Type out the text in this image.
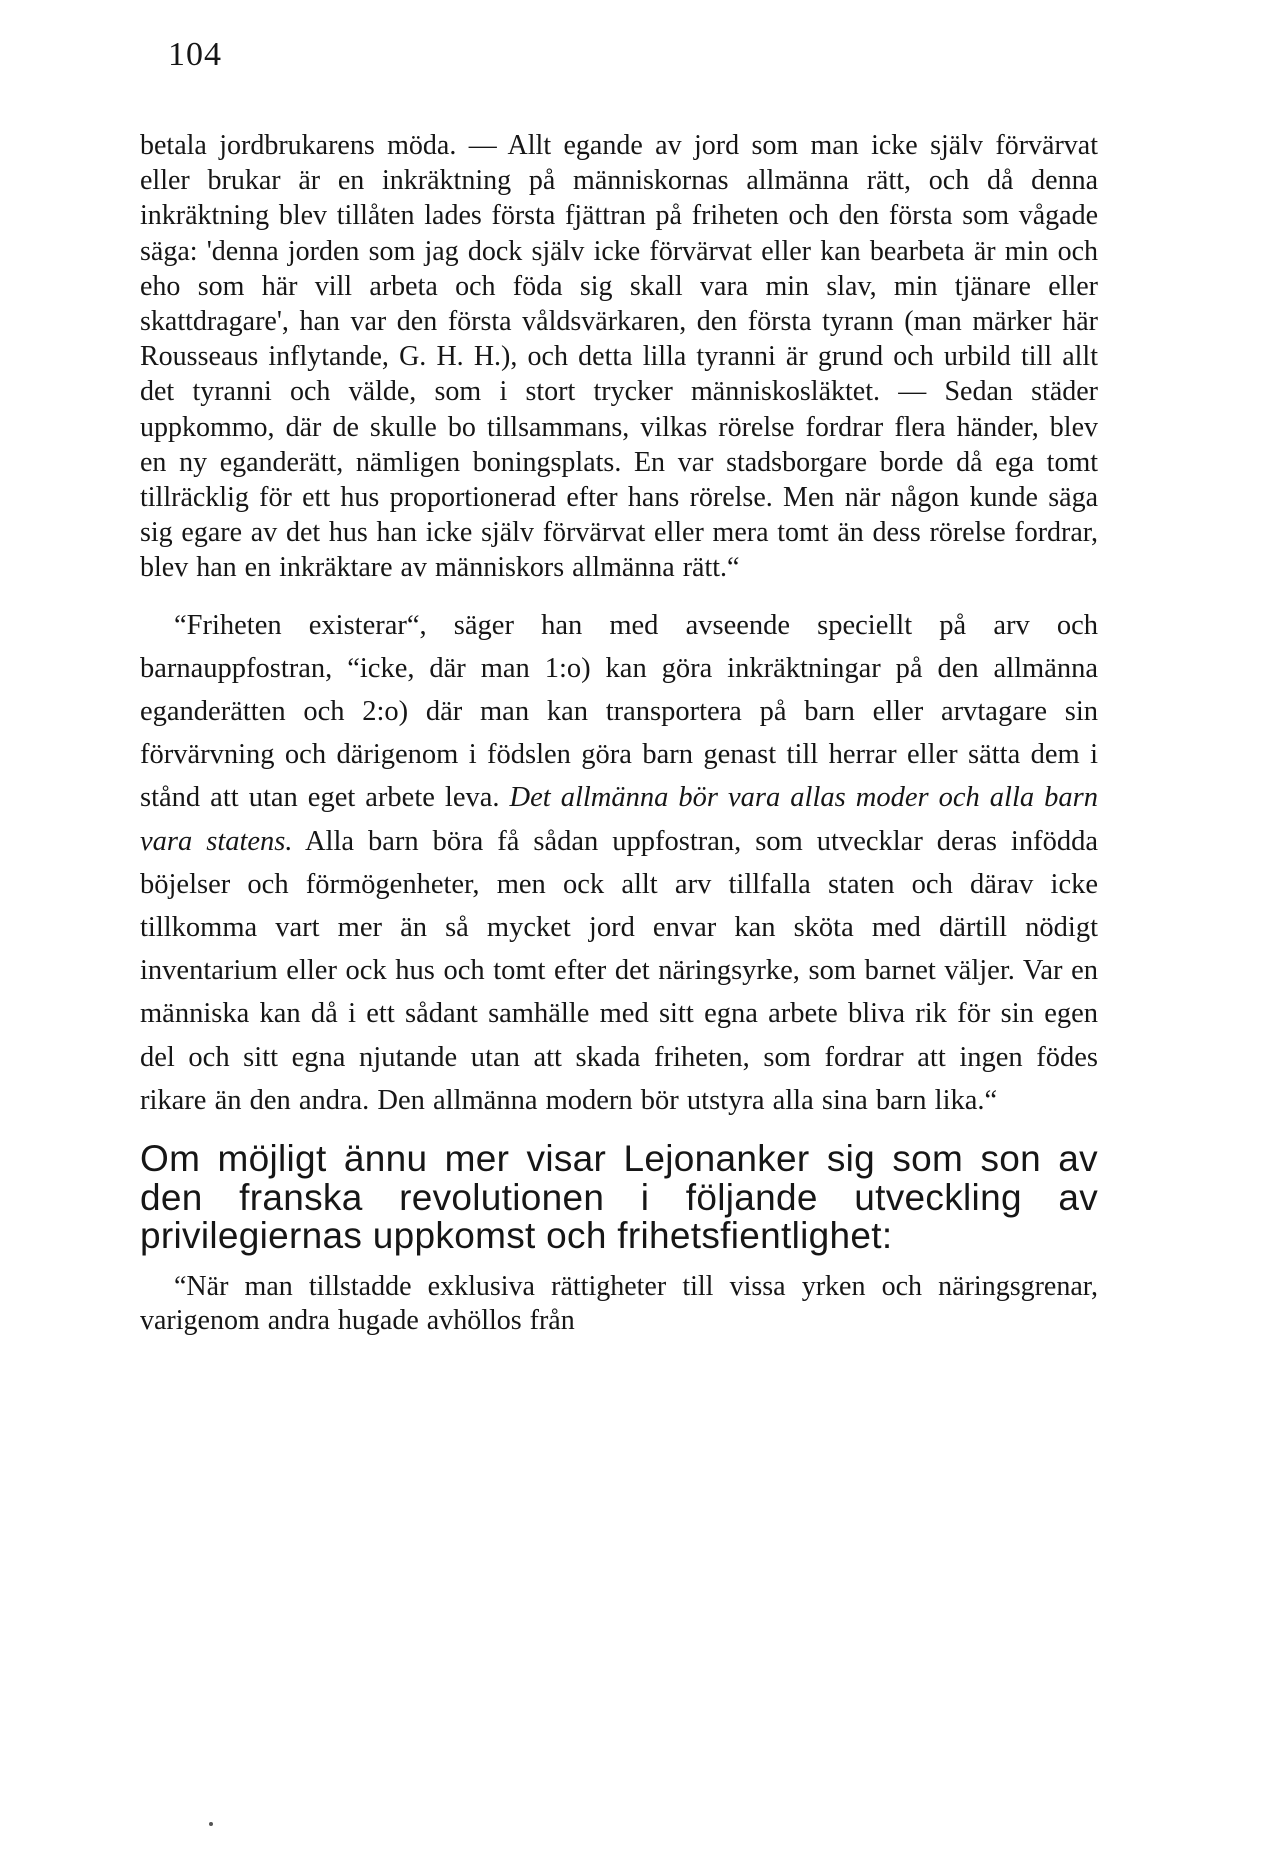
104

betala jordbrukarens möda. — Allt egande av jord som man icke själv förvärvat eller brukar är en inkräktning på människornas allmänna rätt, och då denna inkräktning blev tillåten lades första fjättran på friheten och den första som vågade säga: 'denna jorden som jag dock själv icke förvärvat eller kan bearbeta är min och eho som här vill arbeta och föda sig skall vara min slav, min tjänare eller skattdragare', han var den första våldsvärkaren, den första tyrann (man märker här Rousseaus inflytande, G. H. H.), och detta lilla tyranni är grund och urbild till allt det tyranni och välde, som i stort trycker människosläktet. — Sedan städer uppkommo, där de skulle bo tillsammans, vilkas rörelse fordrar flera händer, blev en ny eganderätt, nämligen boningsplats. En var stadsborgare borde då ega tomt tillräcklig för ett hus proportionerad efter hans rörelse. Men när någon kunde säga sig egare av det hus han icke själv förvärvat eller mera tomt än dess rörelse fordrar, blev han en inkräktare av människors allmänna rätt.“

“Friheten existerar“, säger han med avseende speciellt på arv och barnauppfostran, “icke, där man 1:o) kan göra inkräktningar på den allmänna eganderätten och 2:o) där man kan transportera på barn eller arvtagare sin förvärvning och därigenom i födslen göra barn genast till herrar eller sätta dem i stånd att utan eget arbete leva. Det allmänna bör vara allas moder och alla barn vara statens. Alla barn böra få sådan uppfostran, som utvecklar deras infödda böjelser och förmögenheter, men ock allt arv tillfalla staten och därav icke tillkomma vart mer än så mycket jord envar kan sköta med därtill nödigt inventarium eller ock hus och tomt efter det näringsyrke, som barnet väljer. Var en människa kan då i ett sådant samhälle med sitt egna arbete bliva rik för sin egen del och sitt egna njutande utan att skada friheten, som fordrar att ingen födes rikare än den andra. Den allmänna modern bör utstyra alla sina barn lika.“

Om möjligt ännu mer visar Lejonanker sig som son av den franska revolutionen i följande utveckling av privilegiernas uppkomst och frihetsfientlighet:

“När man tillstadde exklusiva rättigheter till vissa yrken och näringsgrenar, varigenom andra hugade avhöllos från
